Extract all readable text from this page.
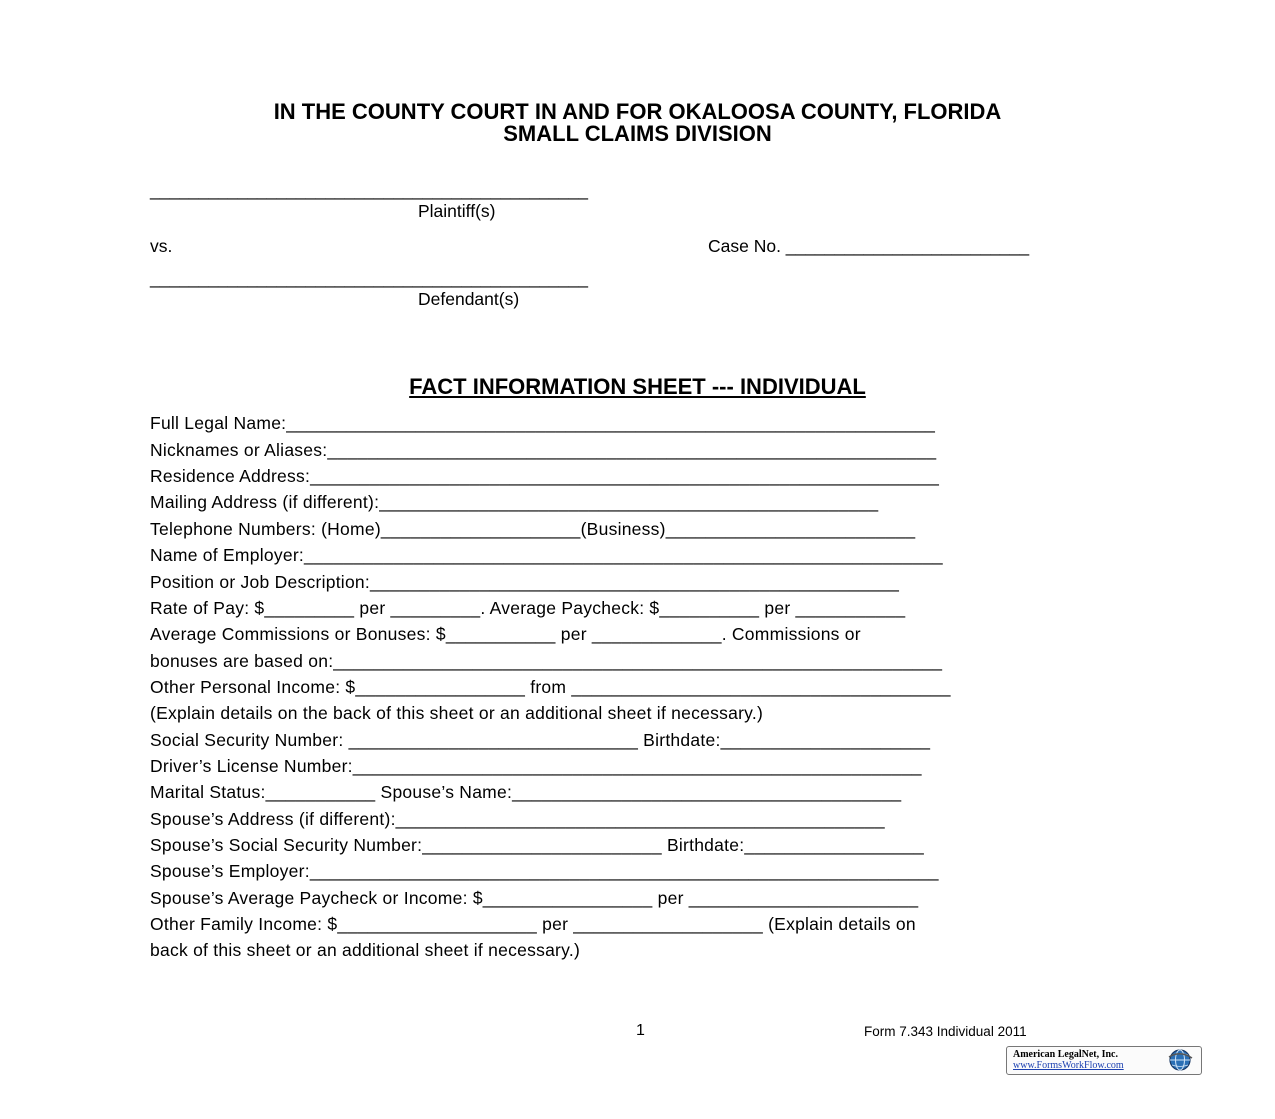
IN THE COUNTY COURT IN AND FOR OKALOOSA COUNTY, FLORIDA
SMALL CLAIMS DIVISION
_____________________________________________
Plaintiff(s)
vs.	Case No. _________________________
_____________________________________________
Defendant(s)
FACT INFORMATION SHEET --- INDIVIDUAL
Full Legal Name:_________________________________________________________________
Nicknames or Aliases:_____________________________________________________________
Residence Address:_______________________________________________________________
Mailing Address (if different):__________________________________________________
Telephone Numbers: (Home)____________________(Business)_________________________
Name of Employer:________________________________________________________________
Position or Job Description:_____________________________________________________
Rate of Pay: $_________ per _________. Average Paycheck: $__________ per ___________
Average Commissions or Bonuses: $___________ per _____________. Commissions or
bonuses are based on:_____________________________________________________________
Other Personal Income: $_________________ from ______________________________________
(Explain details on the back of this sheet or an additional sheet if necessary.)
Social Security Number: _____________________________ Birthdate:_____________________
Driver’s License Number:_________________________________________________________
Marital Status:___________ Spouse’s Name:_______________________________________
Spouse’s Address (if different):_________________________________________________
Spouse’s Social Security Number:________________________ Birthdate:__________________
Spouse’s Employer:_______________________________________________________________
Spouse’s Average Paycheck or Income: $_________________ per _______________________
Other Family Income: $____________________ per ___________________ (Explain details on
back of this sheet or an additional sheet if necessary.)
1	Form 7.343 Individual 2011

American LegalNet, Inc.

www.FormsWorkFlow.com
